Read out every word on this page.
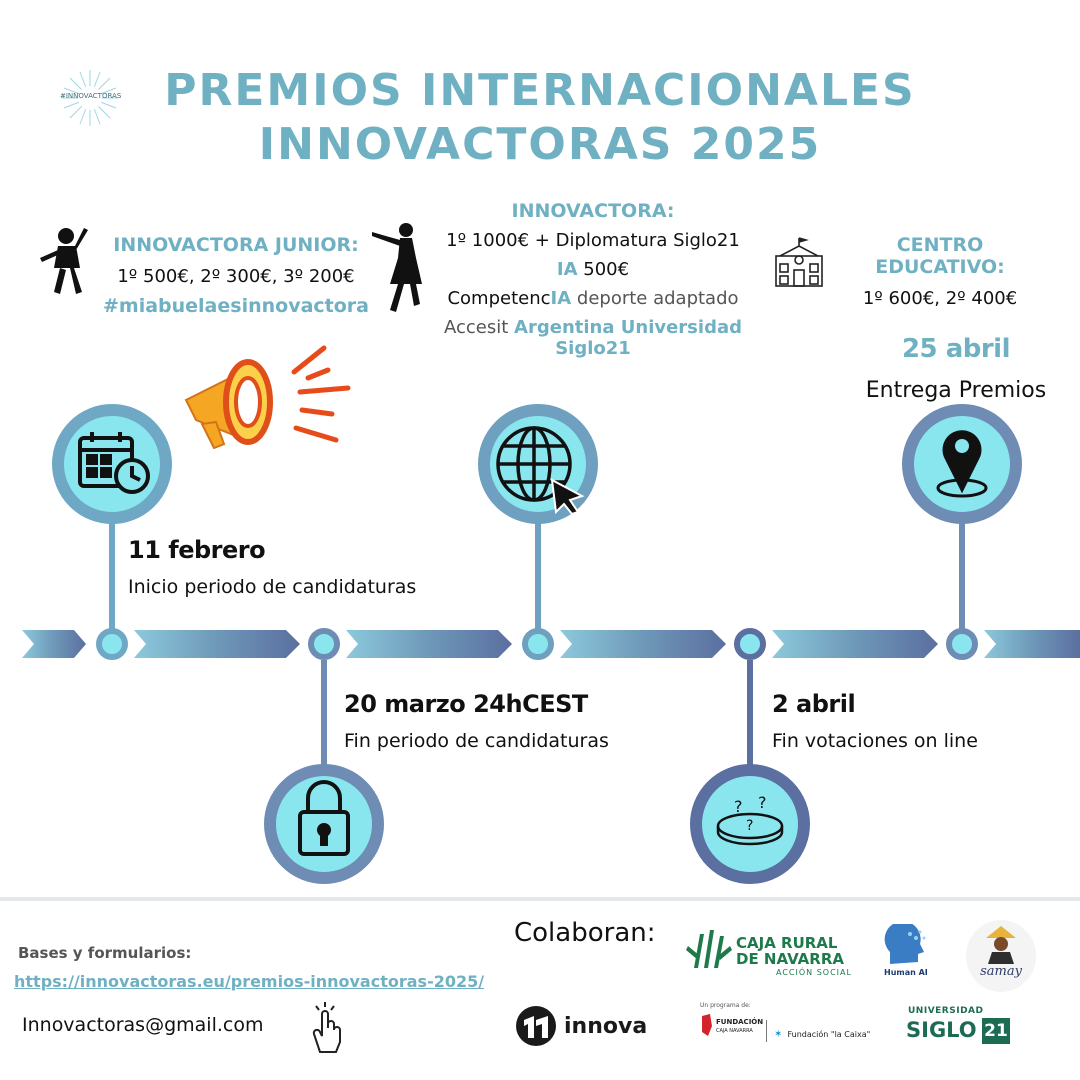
#INNOVACTORAS PREMIOS INTERNACIONALES
INNOVACTORAS 2025
INNOVACTORA JUNIOR:
1º 500€, 2º 300€, 3º 200€
#miabuelaesinnovactora
INNOVACTORA:
1º 1000€ + Diplomatura Siglo21
IA 500€
CompetencIA deporte adaptado
Accesit Argentina Universidad Siglo21
CENTRO EDUCATIVO:
1º 600€, 2º 400€
11 febrero
Inicio periodo de candidaturas
20 marzo 24hCEST
Fin periodo de candidaturas
? ?
?
2 abril
Fin votaciones on line
25 abril
Entrega Premios
Bases y formularios:
https://innovactoras.eu/premios-innovactoras-2025/
Innovactoras@gmail.com
Colaboran:	CAJA RURAL
DE NAVARRA
ACCIÓN SOCIAL	Human AI	samay
innova
Un programa de:
FUNDACIÓN
CAJA NAVARRA ✶ Fundación "la Caixa"
UNIVERSIDAD
SIGLO 21
